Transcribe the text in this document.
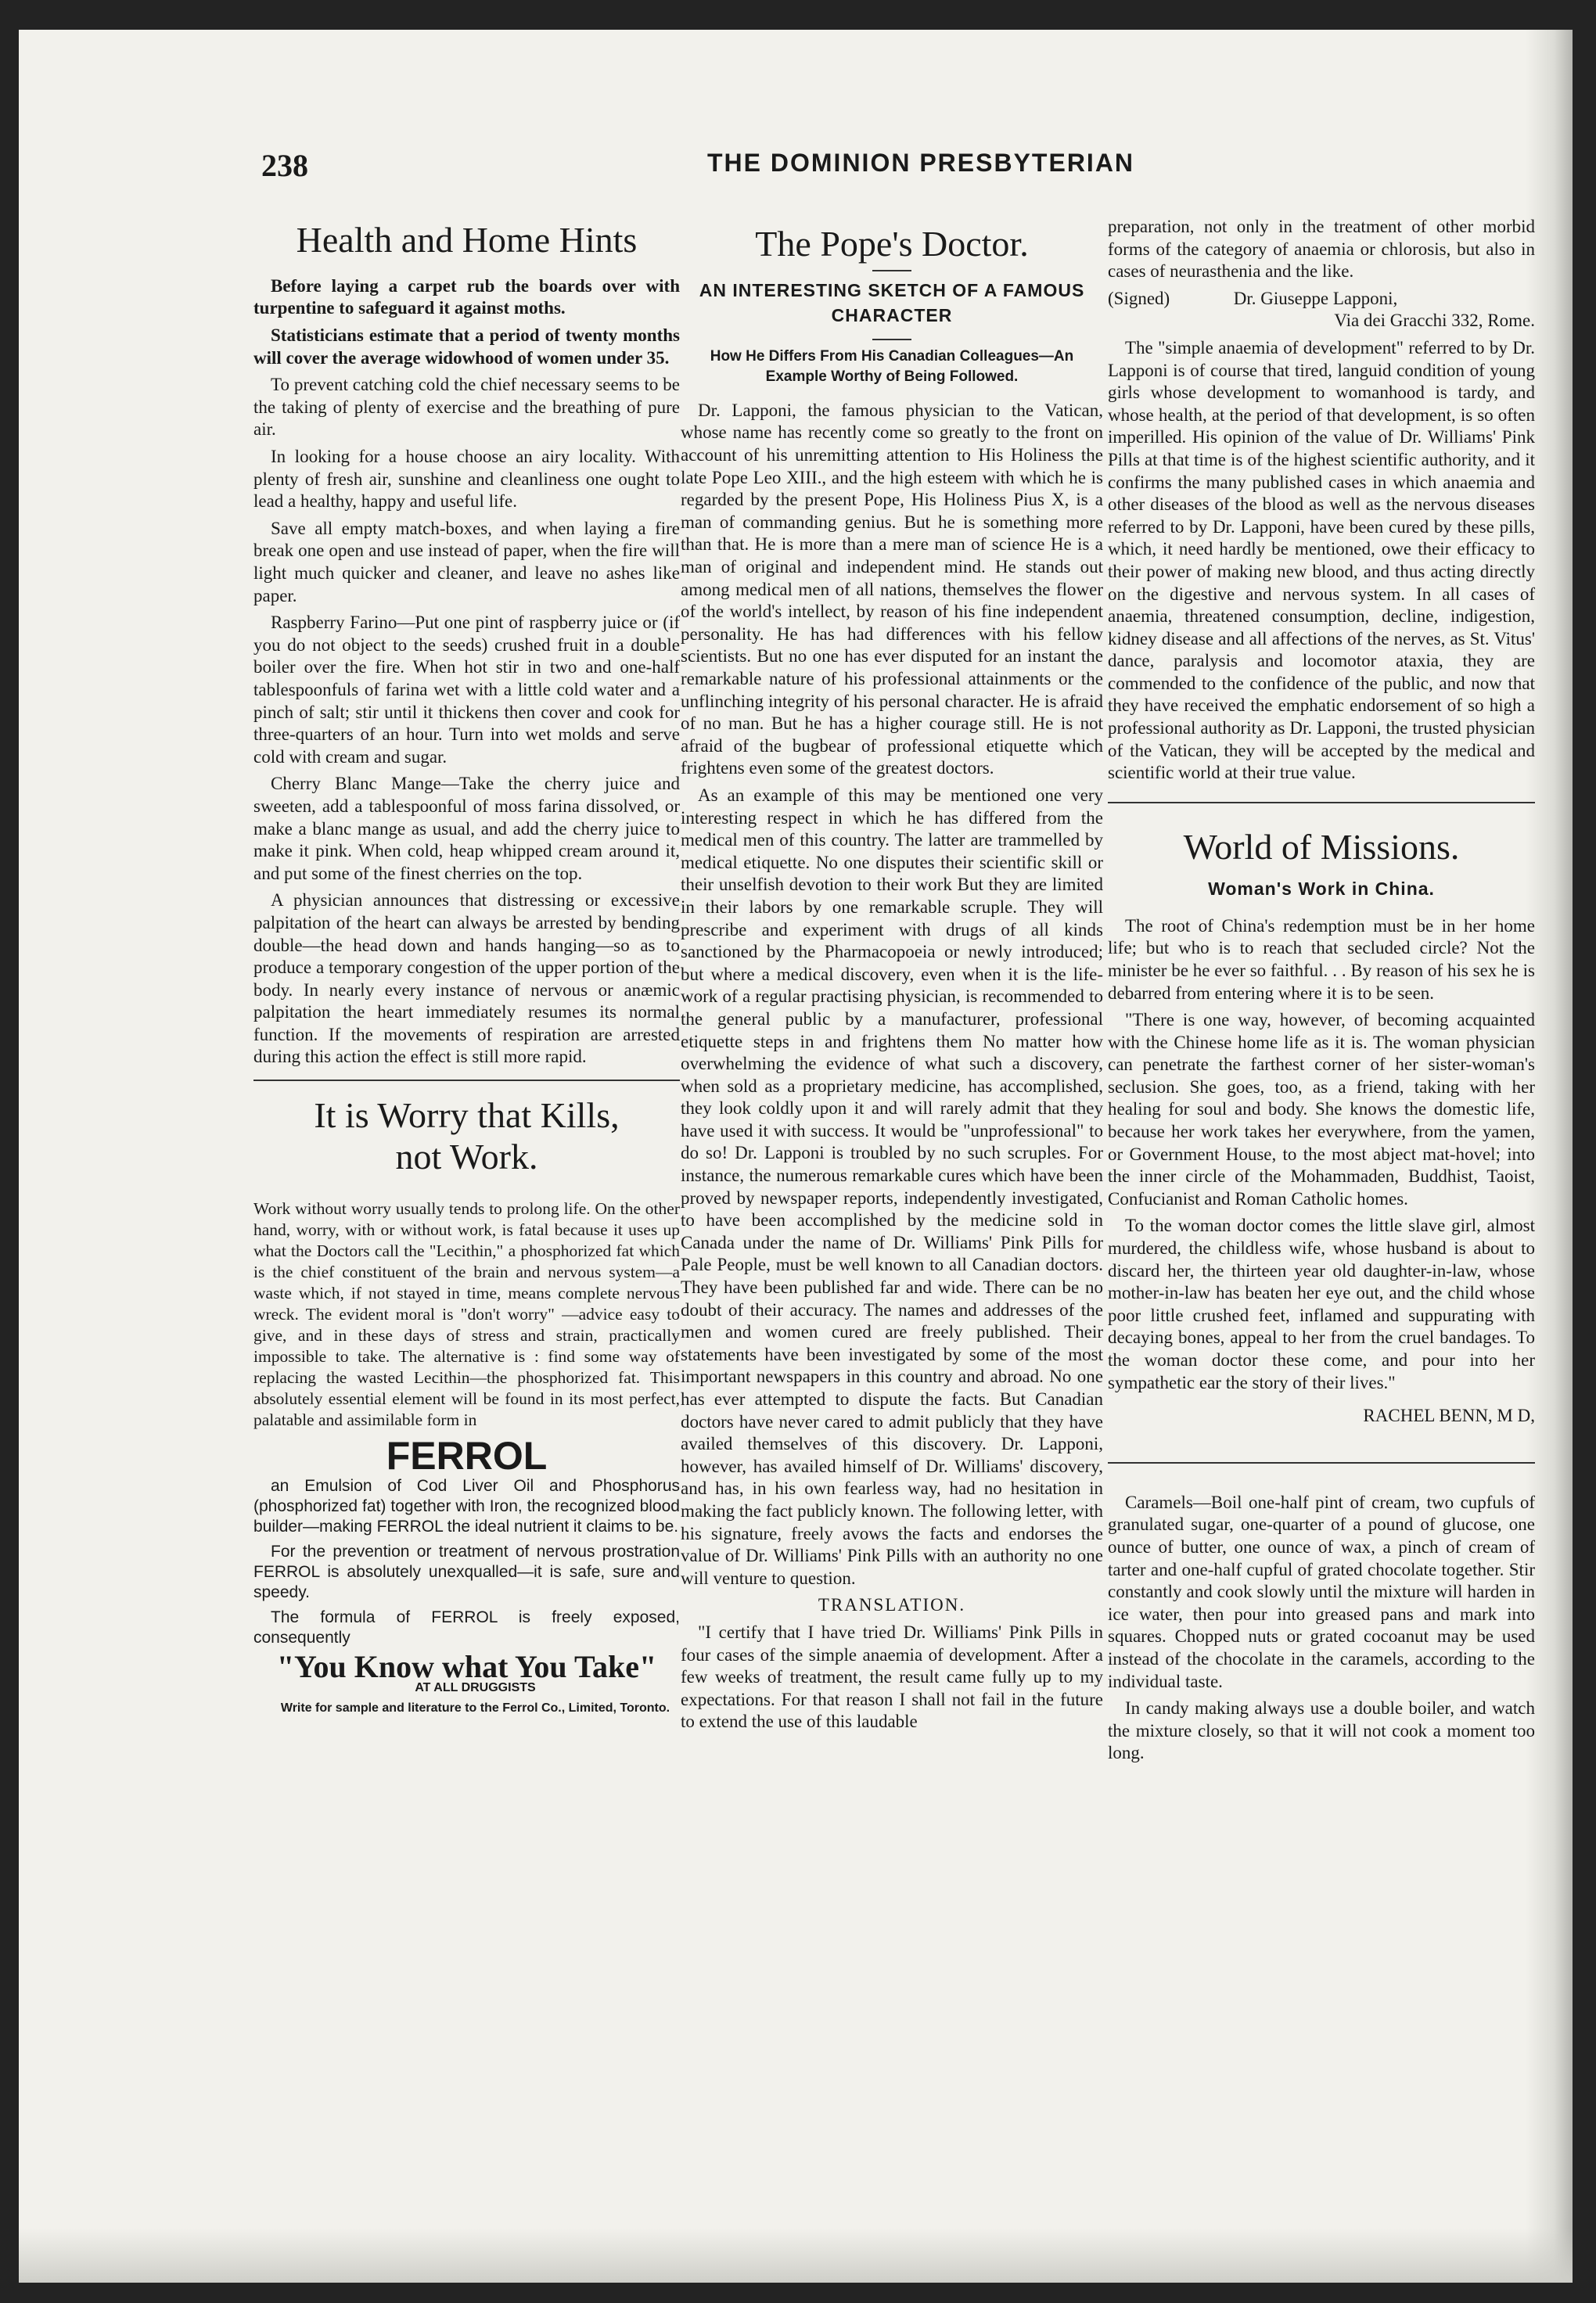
238	THE DOMINION PRESBYTERIAN
Health and Home Hints

Before laying a carpet rub the boards over with turpentine to safeguard it against moths.

Statisticians estimate that a period of twenty months will cover the average widowhood of women under 35.

To prevent catching cold the chief necessary seems to be the taking of plenty of exercise and the breathing of pure air.

In looking for a house choose an airy locality. With plenty of fresh air, sunshine and cleanliness one ought to lead a healthy, happy and useful life.

Save all empty match-boxes, and when laying a fire break one open and use instead of paper, when the fire will light much quicker and cleaner, and leave no ashes like paper.

Raspberry Farino—Put one pint of raspberry juice or (if you do not object to the seeds) crushed fruit in a double boiler over the fire. When hot stir in two and one-half tablespoonfuls of farina wet with a little cold water and a pinch of salt; stir until it thickens then cover and cook for three-quarters of an hour. Turn into wet molds and serve cold with cream and sugar.

Cherry Blanc Mange—Take the cherry juice and sweeten, add a tablespoonful of moss farina dissolved, or make a blanc mange as usual, and add the cherry juice to make it pink. When cold, heap whipped cream around it, and put some of the finest cherries on the top.

A physician announces that distressing or excessive palpitation of the heart can always be arrested by bending double—the head down and hands hanging—so as to produce a temporary congestion of the upper portion of the body. In nearly every instance of nervous or anæmic palpitation the heart immediately resumes its normal function. If the movements of respiration are arrested during this action the effect is still more rapid.

It is Worry that Kills,
not Work.

Work without worry usually tends to prolong life. On the other hand, worry, with or without work, is fatal because it uses up what the Doctors call the "Lecithin," a phosphorized fat which is the chief constituent of the brain and nervous system—a waste which, if not stayed in time, means complete nervous wreck. The evident moral is "don't worry" —advice easy to give, and in these days of stress and strain, practically impossible to take. The alternative is : find some way of replacing the wasted Lecithin—the phosphorized fat. This absolutely essential element will be found in its most perfect, palatable and assimilable form in

FERROL

an Emulsion of Cod Liver Oil and Phosphorus (phosphorized fat) together with Iron, the recognized blood builder—making FERROL the ideal nutrient it claims to be.

For the prevention or treatment of nervous prostration FERROL is absolutely unexqualled—it is safe, sure and speedy.

The formula of FERROL is freely exposed, consequently

"You Know what You Take"

AT ALL DRUGGISTS

Write for sample and literature to the Ferrol Co., Limited, Toronto.

The Pope's Doctor.
AN INTERESTING SKETCH OF A FAMOUS CHARACTER
How He Differs From His Canadian Colleagues—An Example Worthy of Being Followed.

Dr. Lapponi, the famous physician to the Vatican, whose name has recently come so greatly to the front on account of his unremitting attention to His Holiness the late Pope Leo XIII., and the high esteem with which he is regarded by the present Pope, His Holiness Pius X, is a man of commanding genius. But he is something more than that. He is more than a mere man of science He is a man of original and independent mind. He stands out among medical men of all nations, themselves the flower of the world's intellect, by reason of his fine independent personality. He has had differences with his fellow scientists. But no one has ever disputed for an instant the remarkable nature of his professional attainments or the unflinching integrity of his personal character. He is afraid of no man. But he has a higher courage still. He is not afraid of the bugbear of professional etiquette which frightens even some of the greatest doctors.

As an example of this may be mentioned one very interesting respect in which he has differed from the medical men of this country. The latter are trammelled by medical etiquette. No one disputes their scientific skill or their unselfish devotion to their work But they are limited in their labors by one remarkable scruple. They will prescribe and experiment with drugs of all kinds sanctioned by the Pharmacopoeia or newly introduced; but where a medical discovery, even when it is the life-work of a regular practising physician, is recommended to the general public by a manufacturer, professional etiquette steps in and frightens them No matter how overwhelming the evidence of what such a discovery, when sold as a proprietary medicine, has accomplished, they look coldly upon it and will rarely admit that they have used it with success. It would be "unprofessional" to do so! Dr. Lapponi is troubled by no such scruples. For instance, the numerous remarkable cures which have been proved by newspaper reports, independently investigated, to have been accomplished by the medicine sold in Canada under the name of Dr. Williams' Pink Pills for Pale People, must be well known to all Canadian doctors. They have been published far and wide. There can be no doubt of their accuracy. The names and addresses of the men and women cured are freely published. Their statements have been investigated by some of the most important newspapers in this country and abroad. No one has ever attempted to dispute the facts. But Canadian doctors have never cared to admit publicly that they have availed themselves of this discovery. Dr. Lapponi, however, has availed himself of Dr. Williams' discovery, and has, in his own fearless way, had no hesitation in making the fact publicly known. The following letter, with his signature, freely avows the facts and endorses the value of Dr. Williams' Pink Pills with an authority no one will venture to question.

TRANSLATION.

"I certify that I have tried Dr. Williams' Pink Pills in four cases of the simple anaemia of development. After a few weeks of treatment, the result came fully up to my expectations. For that reason I shall not fail in the future to extend the use of this laudable

preparation, not only in the treatment of other morbid forms of the category of anaemia or chlorosis, but also in cases of neurasthenia and the like.

(Signed)	Dr. Giuseppe Lapponi,

Via dei Gracchi 332, Rome.

The "simple anaemia of development" referred to by Dr. Lapponi is of course that tired, languid condition of young girls whose development to womanhood is tardy, and whose health, at the period of that development, is so often imperilled. His opinion of the value of Dr. Williams' Pink Pills at that time is of the highest scientific authority, and it confirms the many published cases in which anaemia and other diseases of the blood as well as the nervous diseases referred to by Dr. Lapponi, have been cured by these pills, which, it need hardly be mentioned, owe their efficacy to their power of making new blood, and thus acting directly on the digestive and nervous system. In all cases of anaemia, threatened consumption, decline, indigestion, kidney disease and all affections of the nerves, as St. Vitus' dance, paralysis and locomotor ataxia, they are commended to the confidence of the public, and now that they have received the emphatic endorsement of so high a professional authority as Dr. Lapponi, the trusted physician of the Vatican, they will be accepted by the medical and scientific world at their true value.

World of Missions.
Woman's Work in China.

The root of China's redemption must be in her home life; but who is to reach that secluded circle? Not the minister be he ever so faithful. . . By reason of his sex he is debarred from entering where it is to be seen.

"There is one way, however, of becoming acquainted with the Chinese home life as it is. The woman physician can penetrate the farthest corner of her sister-woman's seclusion. She goes, too, as a friend, taking with her healing for soul and body. She knows the domestic life, because her work takes her everywhere, from the yamen, or Government House, to the most abject mat-hovel; into the inner circle of the Mohammaden, Buddhist, Taoist, Confucianist and Roman Catholic homes.

To the woman doctor comes the little slave girl, almost murdered, the childless wife, whose husband is about to discard her, the thirteen year old daughter-in-law, whose mother-in-law has beaten her eye out, and the child whose poor little crushed feet, inflamed and suppurating with decaying bones, appeal to her from the cruel bandages. To the woman doctor these come, and pour into her sympathetic ear the story of their lives."

RACHEL BENN, M D,

Caramels—Boil one-half pint of cream, two cupfuls of granulated sugar, one-quarter of a pound of glucose, one ounce of butter, one ounce of wax, a pinch of cream of tarter and one-half cupful of grated chocolate together. Stir constantly and cook slowly until the mixture will harden in ice water, then pour into greased pans and mark into squares. Chopped nuts or grated cocoanut may be used instead of the chocolate in the caramels, according to the individual taste.

In candy making always use a double boiler, and watch the mixture closely, so that it will not cook a moment too long.
